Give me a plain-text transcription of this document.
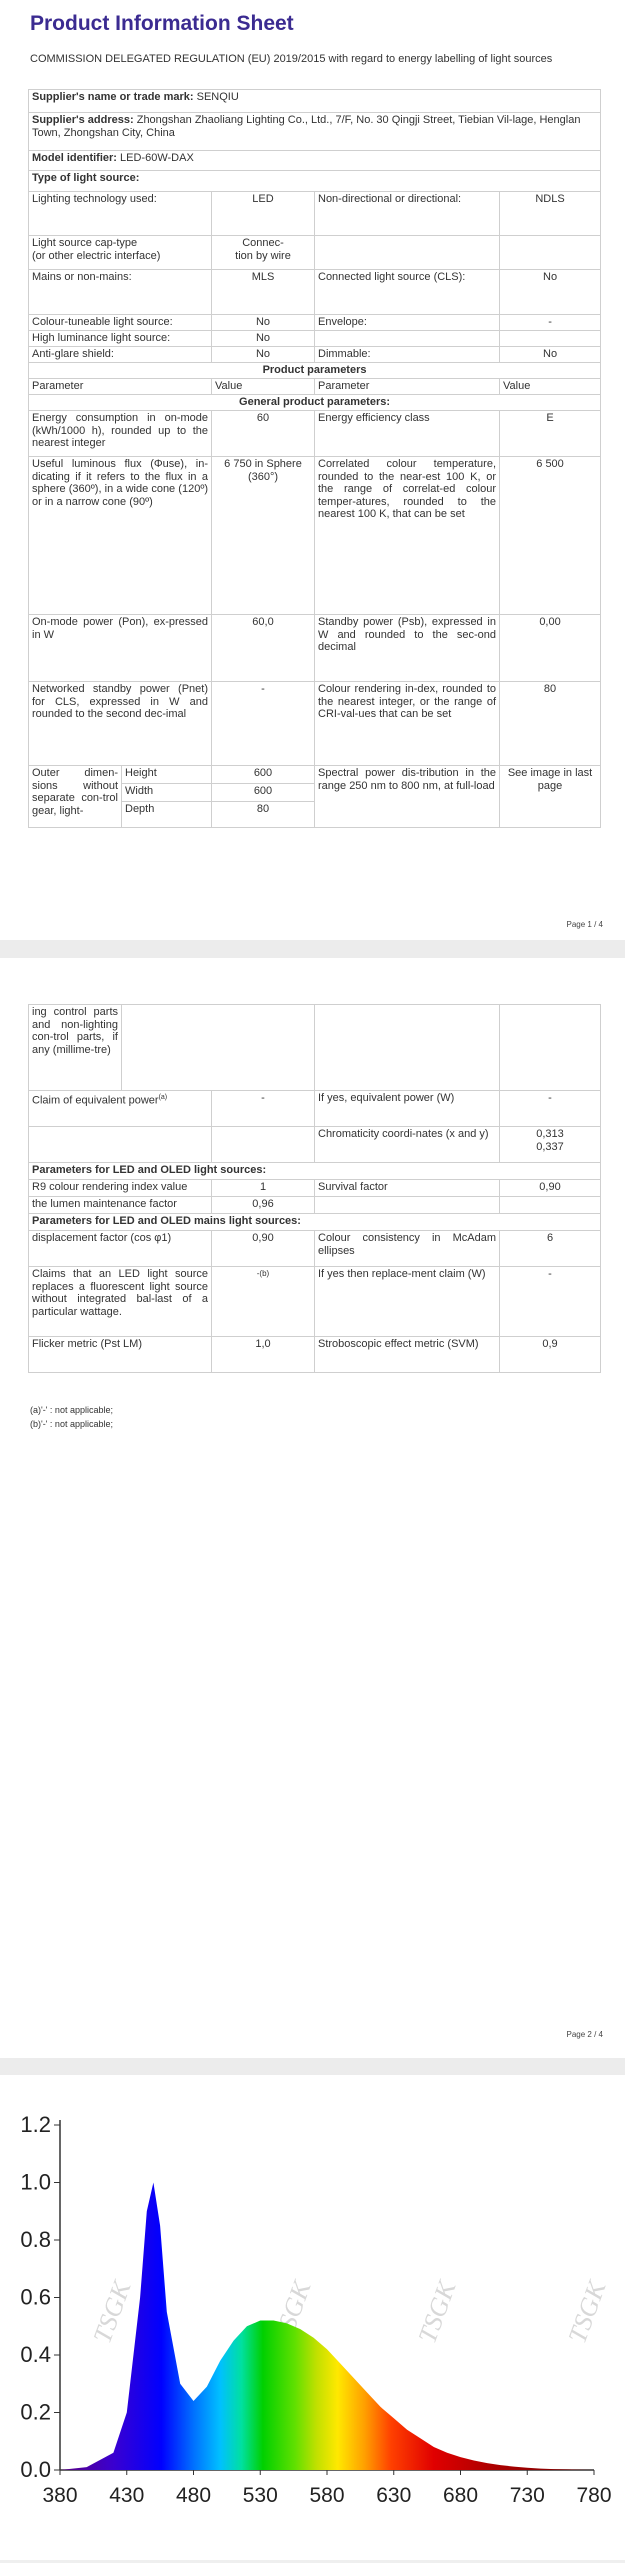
Product Information Sheet
COMMISSION DELEGATED REGULATION (EU) 2019/2015 with regard to energy labelling of light sources
Supplier's name or trade mark: SENQIU				
Supplier's address: Zhongshan Zhaoliang Lighting Co., Ltd., 7/F, No. 30 Qingji Street, Tiebian Vil-lage, Henglan Town, Zhongshan City, China				
Model identifier: LED-60W-DAX				
Type of light source:				
Lighting technology used:		LED	Non-directional or directional:	NDLS
Light source cap-type
(or other electric interface)		Connec-
tion by wire		
Mains or non-mains:		MLS	Connected light source (CLS):	No
Colour-tuneable light source:		No	Envelope:	-
High luminance light source:		No		
Anti-glare shield:		No	Dimmable:	No
Product parameters				
Parameter		Value	Parameter	Value
General product parameters:				
Energy consumption in on-mode (kWh/1000 h), rounded up to the nearest integer		60	Energy efficiency class	E
Useful luminous flux (Φuse), in-dicating if it refers to the flux in a sphere (360º), in a wide cone (120º) or in a narrow cone (90º)		6 750 in Sphere (360°)	Correlated colour temperature, rounded to the near-est 100 K, or the range of correlat-ed colour temper-atures, rounded to the nearest 100 K, that can be set	6 500
On-mode power (Pon), ex-pressed in W		60,0	Standby power (Psb), expressed in W and rounded to the sec-ond decimal	0,00
Networked standby power (Pnet) for CLS, expressed in W and rounded to the second dec-imal		-	Colour rendering in-dex, rounded to the nearest integer, or the range of CRI-val-ues that can be set	80
Outer dimen-sions without separate con-trol gear, light-	Height	600	Spectral power dis-tribution in the range 250 nm to 800 nm, at full-load	See image in last page
	Width	600		
	Depth	80		
Page 1 / 4
ing control parts and non-lighting con-trol parts, if any (millime-tre)				
Claim of equivalent power$^{(a)}$		-	If yes, equivalent power (W)	-
			Chromaticity coordi-nates (x and y)	0,313
0,337
Parameters for LED and OLED light sources:				
R9 colour rendering index value		1	Survival factor	0,90
the lumen maintenance factor		0,96		
Parameters for LED and OLED mains light sources:				
displacement factor (cos φ1)		0,90	Colour consistency in McAdam ellipses	6
Claims that an LED light source replaces a fluorescent light source without integrated bal-last of a particular wattage.		-(b)	If yes then replace-ment claim (W)	-
Flicker metric (Pst LM)		1,0	Stroboscopic effect metric (SVM)	0,9
(a)'-' : not applicable;
(b)'-' : not applicable;
Page 2 / 4
TSGK	TSGK	TSGK	TSGK
0.0
0.2
0.4
0.6
0.8
1.0
1.2
380 430 480 530 580 630 680 730 780
